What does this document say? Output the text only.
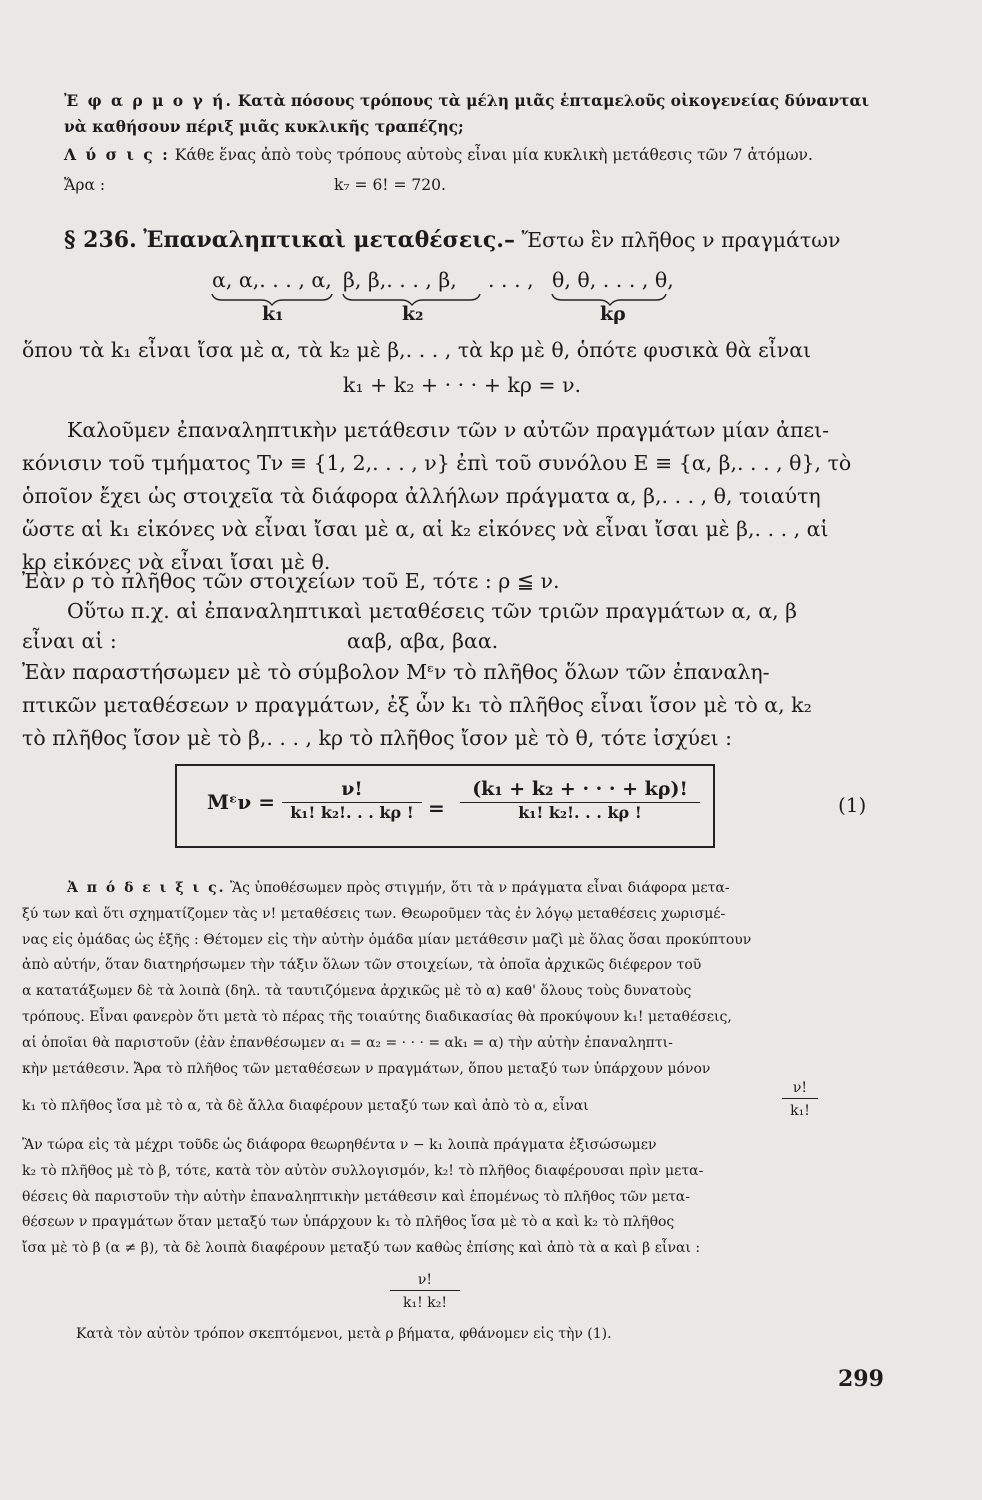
Ἐ φ α ρ μ ο γ ή. Κατὰ πόσους τρόπους τὰ μέλη μιᾶς ἑπταμελοῦς οἰκογενείας δύνανται νὰ καθήσουν πέριξ μιᾶς κυκλικῆς τραπέζης;
Λ ύ σ ι ς : Κάθε ἕνας ἀπὸ τοὺς τρόπους αὐτοὺς εἶναι μία κυκλικὴ μετάθεσις τῶν 7 ἀτόμων.
Ἄρα :	k₇ = 6! = 720.
§ 236. Ἐπαναληπτικαὶ μεταθέσεις.– Ἔστω ἓν πλῆθος ν πραγμάτων
α, α,. . . , α, β, β,. . . , β, . . . , θ, θ, . . . , θ,
k₁	k₂	kρ
ὅπου τὰ k₁ εἶναι ἴσα μὲ α, τὰ k₂ μὲ β,. . . , τὰ kρ μὲ θ, ὁπότε φυσικὰ θὰ εἶναι
k₁ + k₂ + · · · + kρ = ν.
Καλοῦμεν ἐπαναληπτικὴν μετάθεσιν τῶν ν αὐτῶν πραγμάτων μίαν ἀπει-
κόνισιν τοῦ τμήματος Tν ≡ {1, 2,. . . , ν} ἐπὶ τοῦ συνόλου E ≡ {α, β,. . . , θ}, τὸ
ὁποῖον ἔχει ὡς στοιχεῖα τὰ διάφορα ἀλλήλων πράγματα α, β,. . . , θ, τοιαύτη
ὥστε αἱ k₁ εἰκόνες νὰ εἶναι ἴσαι μὲ α, αἱ k₂ εἰκόνες νὰ εἶναι ἴσαι μὲ β,. . . , αἱ
kρ εἰκόνες νὰ εἶναι ἴσαι μὲ θ.
Ἐὰν ρ τὸ πλῆθος τῶν στοιχείων τοῦ E, τότε : ρ ≦ ν.
Οὕτω π.χ. αἱ ἐπαναληπτικαὶ μεταθέσεις τῶν τριῶν πραγμάτων α, α, β
εἶναι αἱ :	ααβ, αβα, βαα.
Ἐὰν παραστήσωμεν μὲ τὸ σύμβολον Mᵋν τὸ πλῆθος ὅλων τῶν ἐπαναλη-
πτικῶν μεταθέσεων ν πραγμάτων, ἐξ ὧν k₁ τὸ πλῆθος εἶναι ἴσον μὲ τὸ α, k₂
τὸ πλῆθος ἴσον μὲ τὸ β,. . . , kρ τὸ πλῆθος ἴσον μὲ τὸ θ, τότε ἰσχύει :
Mᵋν =
ν!
k₁! k₂!. . . kρ ! =
(k₁ + k₂ + · · · + kρ)!
k₁! k₂!. . . kρ !	(1)
Ἀ π ό δ ε ι ξ ι ς. Ἂς ὑποθέσωμεν πρὸς στιγμήν, ὅτι τὰ ν πράγματα εἶναι διάφορα μετα-
ξύ των καὶ ὅτι σχηματίζομεν τὰς ν! μεταθέσεις των. Θεωροῦμεν τὰς ἐν λόγῳ μεταθέσεις χωρισμέ-
νας εἰς ὁμάδας ὡς ἑξῆς : Θέτομεν εἰς τὴν αὐτὴν ὁμάδα μίαν μετάθεσιν μαζὶ μὲ ὅλας ὅσαι προκύπτουν
ἀπὸ αὐτήν, ὅταν διατηρήσωμεν τὴν τάξιν ὅλων τῶν στοιχείων, τὰ ὁποῖα ἀρχικῶς διέφερον τοῦ
α κατατάξωμεν δὲ τὰ λοιπὰ (δηλ. τὰ ταυτιζόμενα ἀρχικῶς μὲ τὸ α) καθ' ὅλους τοὺς δυνατοὺς
τρόπους. Εἶναι φανερὸν ὅτι μετὰ τὸ πέρας τῆς τοιαύτης διαδικασίας θὰ προκύψουν k₁! μεταθέσεις,
αἱ ὁποῖαι θὰ παριστοῦν (ἐὰν ἐπανθέσωμεν α₁ = α₂ = · · · = αk₁ = α) τὴν αὐτὴν ἐπαναληπτι-
κὴν μετάθεσιν. Ἄρα τὸ πλῆθος τῶν μεταθέσεων ν πραγμάτων, ὅπου μεταξύ των ὑπάρχουν μόνον
k₁ τὸ πλῆθος ἴσα μὲ τὸ α, τὰ δὲ ἄλλα διαφέρουν μεταξύ των καὶ ἀπὸ τὸ α, εἶναι	$\frac{\nu!}{\text{k₁!}}$
Ἂν τώρα εἰς τὰ μέχρι τοῦδε ὡς διάφορα θεωρηθέντα ν − k₁ λοιπὰ πράγματα ἐξισώσωμεν
k₂ τὸ πλῆθος μὲ τὸ β, τότε, κατὰ τὸν αὐτὸν συλλογισμόν, k₂! τὸ πλῆθος διαφέρουσαι πρὶν μετα-
θέσεις θὰ παριστοῦν τὴν αὐτὴν ἐπαναληπτικὴν μετάθεσιν καὶ ἑπομένως τὸ πλῆθος τῶν μετα-
θέσεων ν πραγμάτων ὅταν μεταξύ των ὑπάρχουν k₁ τὸ πλῆθος ἴσα μὲ τὸ α καὶ k₂ τὸ πλῆθος
ἴσα μὲ τὸ β (α ≠ β), τὰ δὲ λοιπὰ διαφέρουν μεταξύ των καθὼς ἐπίσης καὶ ἀπὸ τὰ α καὶ β εἶναι :
$\frac{\nu!}{\text{k₁! k₂!}}$
Κατὰ τὸν αὐτὸν τρόπον σκεπτόμενοι, μετὰ ρ βήματα, φθάνομεν εἰς τὴν (1).
299
